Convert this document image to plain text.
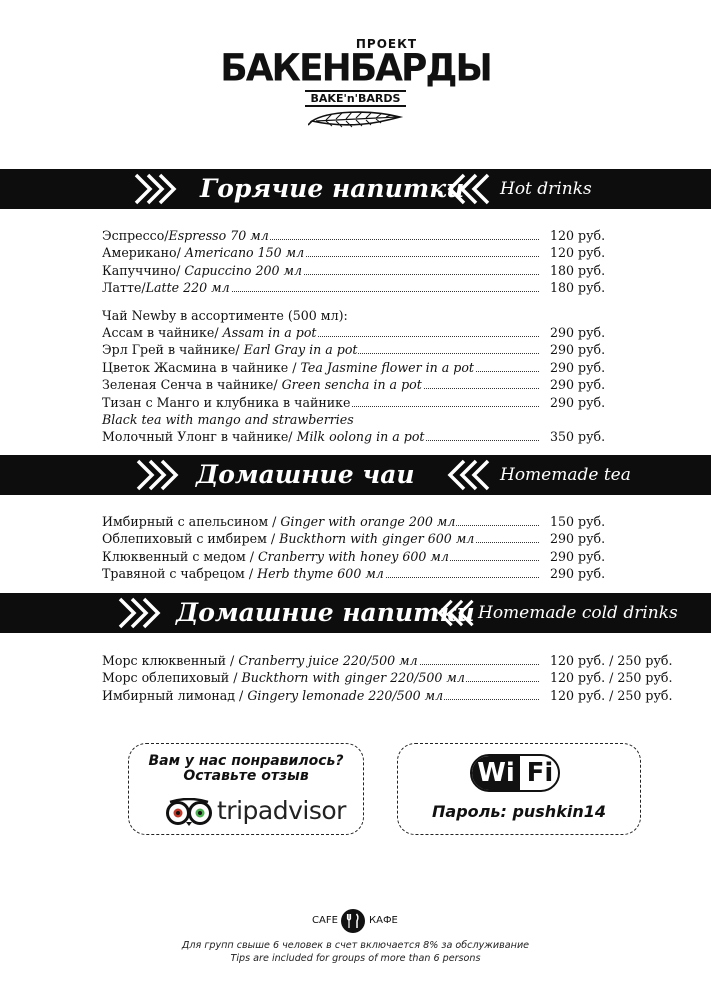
ПРОЕКТ
БАКЕНБАРДЫ
BAKE'n'BARDS
Горячие напитки Hot drinks
Эспрессо/Espresso 70 мл	120 руб.
Американо/ Americano 150 мл	120 руб.
Капуччино/ Capuccino 200 мл	180 руб.
Латте/Latte 220 мл	180 руб.
Чай Newby в ассортименте (500 мл):
Ассам в чайнике/ Assam in a pot	290 руб.
Эрл Грей в чайнике/ Earl Gray in a pot	290 руб.
Цветок Жасмина в чайнике / Tea Jasmine flower in a pot	290 руб.
Зеленая Сенча в чайнике/ Green sencha in a pot	290 руб.
Тизан с Манго и клубника в чайнике	290 руб.
Black tea with mango and strawberries
Молочный Улонг в чайнике/ Milk oolong in a pot	350 руб.
Домашние чаи	Homemade tea
Имбирный с апельсином / Ginger with orange 200 мл	150 руб.
Облепиховый с имбирем / Buckthorn with ginger 600 мл	290 руб.
Клюквенный с медом / Cranberry with honey 600 мл	290 руб.
Травяной с чабрецом / Herb thyme 600 мл	290 руб.
Домашние напитки Homemade cold drinks
Морс клюквенный / Cranberry juice 220/500 мл	120 руб. / 250 руб.
Морс облепиховый / Buckthorn with ginger 220/500 мл	120 руб. / 250 руб.
Имбирный лимонад / Gingery lemonade 220/500 мл	120 руб. / 250 руб.
Вам у нас понравилось?
Оставьте отзыв
tripadvisor
Wi Fi
Пароль: pushkin14
CAFE	КАФЕ
Для групп свыше 6 человек в счет включается 8% за обслуживание
Tips are included for groups of more than 6 persons
